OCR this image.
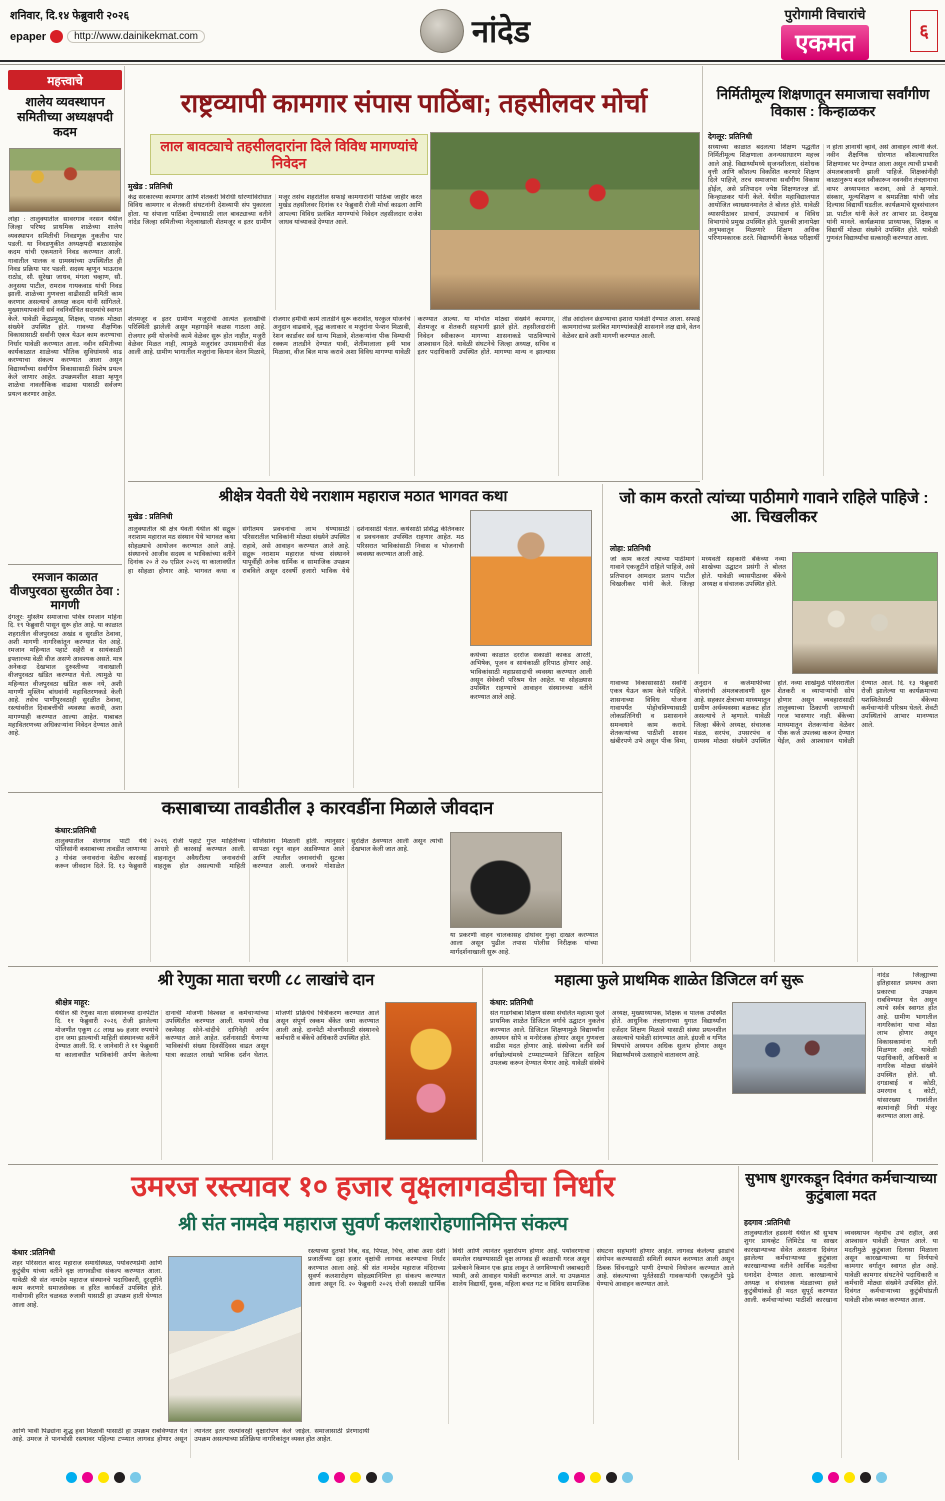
शनिवार, दि.१४ फेब्रुवारी २०२६
epaper	http://www.dainikekmat.com	नांदेड	पुरोगामी विचारांचे
एकमत	६
महत्त्वाचे
शालेय व्यवस्थापन समितीच्या अध्यक्षपदी कदम
लोहा : तालुक्यातील सावरगाव नरसन येथील जिल्हा परिषद प्राथमिक शाळेच्या शालेय व्यवस्थापन समितीची निवडणूक नुकतीच पार पडली. या निवडणुकीत अध्यक्षपदी बाळासाहेब कदम यांची एकमताने निवड करण्यात आली. गावातील पालक व ग्रामस्थांच्या उपस्थितीत ही निवड प्रक्रिया पार पडली. सदस्य म्हणून भाऊराव राठोड, सौ. सुरेखा जाधव, मंगला चव्हाण, सौ. अनुसया पाटील, रामराव गायकवाड यांची निवड झाली. शाळेच्या गुणवत्ता वाढीसाठी समिती काम करणार असल्याचे अध्यक्ष कदम यांनी सांगितले. मुख्याध्यापकांनी सर्व नवनिर्वाचित सदस्यांचे स्वागत केले. यावेळी केंद्रप्रमुख, शिक्षक, पालक मोठ्या संख्येने उपस्थित होते. गावच्या शैक्षणिक विकासासाठी सर्वांनी एकत्र येऊन काम करण्याचा निर्धार यावेळी करण्यात आला. नवीन समितीच्या कार्यकाळात शाळेच्या भौतिक सुविधांमध्ये वाढ करण्याचा संकल्प करण्यात आला असून विद्यार्थ्यांच्या सर्वांगीण विकासासाठी विशेष प्रयत्न केले जाणार आहेत. उपक्रमशील शाळा म्हणून शाळेचा नावलौकिक वाढावा यासाठी सर्वजण प्रयत्न करणार आहेत.
रमजान काळात वीजपुरवठा सुरळीत ठेवा : मागणी
देगलूर: मुस्लिम समाजाचा पवित्र रमजान महिना दि. १९ फेब्रुवारी पासून सुरू होत आहे. या काळात शहरातील वीजपुरवठा अखंड व सुरळीत ठेवावा, अशी मागणी नागरिकांतून करण्यात येत आहे. रमजान महिन्यात पहाटे सहेरी व सायंकाळी इफ्तारच्या वेळी वीज असणे आवश्यक असते. मात्र अनेकदा देखभाल दुरुस्तीच्या नावाखाली वीजपुरवठा खंडित करण्यात येतो. त्यामुळे या महिन्यात वीजपुरवठा खंडित करू नये, अशी मागणी मुस्लिम बांधवांनी महावितरणकडे केली आहे. तसेच पाणीपुरवठाही सुरळीत ठेवावा, रस्त्यांवरील दिवाबत्तीची व्यवस्था करावी, अशा मागण्याही करण्यात आल्या आहेत. याबाबत महावितरणच्या अधिकाऱ्यांना निवेदन देण्यात आले आहे.
राष्ट्रव्यापी कामगार संपास पाठिंबा; तहसीलवर मोर्चा
लाल बावट्याचे तहसीलदारांना दिले विविध मागण्यांचे निवेदन
मुखेड : प्रतिनिधी
केंद्र सरकारच्या कामगार आणि शेतकरी विरोधी धोरणांविरोधात विविध कामगार व शेतकरी संघटनांनी देशव्यापी संप पुकारला होता. या संपाला पाठिंबा देण्यासाठी लाल बावट्याच्या वतीने नांदेड जिल्हा समितीच्या नेतृत्वाखाली शेतमजूर व इतर ग्रामीण मजूर तसेच शहरांतील सफाई कामगारांनी पाठिंबा जाहीर करत मुखेड तहसीलवर दिनांक १२ फेब्रुवारी रोजी मोर्चा काढला आणि आपल्या विविध प्रलंबित मागण्यांचे निवेदन तहसीलदार राजेश जाधव यांच्याकडे देण्यात आले.
शेतमजूर व इतर ग्रामीण मजुरांची आत्यंत हलाखीची परिस्थिती झालेली असून महागाईने कळस गाठला आहे. रोजगार हमी योजनेची कामे वेळेवर सुरू होत नाहीत, मजुरी वेळेवर मिळत नाही, त्यामुळे मजुरांवर उपासमारीची वेळ आली आहे. ग्रामीण भागातील मजुरांना किमान वेतन मिळावे, रोजगार हमीची कामे तातडीने सुरू करावीत, घरकुल योजनेचे अनुदान वाढवावे, वृद्ध कलाकार व मजुरांना पेन्शन मिळावी, रेशन कार्डावर सर्व धान्य मिळावे, शेतकऱ्यांना पीक विम्याची रक्कम तातडीने देण्यात यावी, शेतीमालाला हमी भाव मिळावा, वीज बिल माफ करावे अशा विविध मागण्या यावेळी करण्यात आल्या. या मोर्चात मोठ्या संख्येने कामगार, शेतमजूर व शेतकरी सहभागी झाले होते. तहसीलदारांनी निवेदन स्वीकारून मागण्या शासनाकडे पाठविण्याचे आश्वासन दिले. यावेळी संघटनेचे जिल्हा अध्यक्ष, सचिव व इतर पदाधिकारी उपस्थित होते. मागण्या मान्य न झाल्यास तीव्र आंदोलन छेडण्याचा इशारा यावेळी देण्यात आला. सफाई कामगारांच्या प्रलंबित मागण्यांकडेही शासनाने लक्ष द्यावे, वेतन वेळेवर द्यावे अशी मागणी करण्यात आली.
निर्मितीमूल्य शिक्षणातून समाजाचा सर्वांगीण विकास : किन्हाळकर
देगलूर: प्रतिनिधी
सध्याच्या काळात बदलत्या शिक्षण पद्धतीत निर्मितीमूल्य शिक्षणाला अनन्यसाधारण महत्त्व आले आहे. विद्यार्थ्यांमध्ये सृजनशीलता, संशोधक वृत्ती आणि कौशल्य विकसित करणारे शिक्षण दिले पाहिजे, तरच समाजाचा सर्वांगीण विकास होईल, असे प्रतिपादन ज्येष्ठ शिक्षणतज्ज्ञ डॉ. किन्हाळकर यांनी केले. येथील महाविद्यालयात आयोजित व्याख्यानमालेत ते बोलत होते. यावेळी व्यासपीठावर प्राचार्य, उपप्राचार्य व विविध विभागांचे प्रमुख उपस्थित होते. पुस्तकी ज्ञानापेक्षा अनुभवातून मिळणारे शिक्षण अधिक परिणामकारक ठरते. विद्यार्थ्यांनी केवळ परीक्षार्थी न होता ज्ञानार्थी व्हावे, असे आवाहन त्यांनी केले. नवीन शैक्षणिक धोरणात कौशल्याधारित शिक्षणावर भर देण्यात आला असून त्याची प्रभावी अंमलबजावणी झाली पाहिजे. शिक्षकांनीही काळानुरूप बदल स्वीकारून नवनवीन तंत्रज्ञानाचा वापर अध्यापनात करावा, असे ते म्हणाले. संस्कार, मूल्यशिक्षण व श्रमप्रतिष्ठा यांची जोड दिल्यास विद्यार्थी घडतील. कार्यक्रमाचे सूत्रसंचालन प्रा. पाटील यांनी केले तर आभार प्रा. देशमुख यांनी मानले. कार्यक्रमास प्राध्यापक, शिक्षक व विद्यार्थी मोठ्या संख्येने उपस्थित होते. यावेळी गुणवंत विद्यार्थ्यांचा सत्कारही करण्यात आला.
श्रीक्षेत्र येवती येथे नराशाम महाराज मठात भागवत कथा
मुखेड : प्रतिनिधी
तालुक्यातील श्री क्षेत्र येवती येथील श्री सद्गुरू नराशाम महाराज मठ संस्थान येथे भागवत कथा सोहळ्याचे आयोजन करण्यात आले आहे. संस्थानचे आजीव सदस्य व भाविकांच्या वतीने दिनांक २० ते २७ एप्रिल २०२६ या कालावधीत हा सोहळा होणार आहे. भागवत कथा व संगीतमय प्रवचनांचा लाभ घेण्यासाठी परिसरातील भाविकांनी मोठ्या संख्येने उपस्थित राहावे, असे आवाहन करण्यात आले आहे. सद्गुरू नराशाम महाराज यांच्या संस्थानने यापूर्वीही अनेक धार्मिक व सामाजिक उपक्रम राबविले असून दरवर्षी हजारो भाविक येथे दर्शनासाठी येतात. कथेसाठी प्रसिद्ध कीर्तनकार व प्रवचनकार उपस्थित राहणार आहेत. मठ परिसरात भाविकांसाठी निवास व भोजनाची व्यवस्था करण्यात आली आहे.
कथेच्या काळात दररोज सकाळी काकड आरती, अभिषेक, पूजन व सायंकाळी हरिपाठ होणार आहे. भाविकांसाठी महाप्रसादाची व्यवस्था करण्यात आली असून सेवेकरी परिश्रम घेत आहेत. या सोहळ्यास उपस्थित राहण्याचे आवाहन संस्थानच्या वतीने करण्यात आले आहे.
जो काम करतो त्यांच्या पाठीमागे गावाने राहिले पाहिजे : आ. चिखलीकर
लोहा: प्रतिनिधी
जो काम करतो त्याच्या पाठीमागे गावाने एकजुटीने राहिले पाहिजे, असे प्रतिपादन आमदार प्रताप पाटील चिखलीकर यांनी केले. जिल्हा मध्यवर्ती सहकारी बँकेच्या नव्या शाखेच्या उद्घाटन प्रसंगी ते बोलत होते. यावेळी व्यासपीठावर बँकेचे अध्यक्ष व संचालक उपस्थित होते.
गावाच्या विकासासाठी सर्वांनी एकत्र येऊन काम केले पाहिजे. शासनाच्या विविध योजना गावापर्यंत पोहोचविण्यासाठी लोकप्रतिनिधी व प्रशासनाने समन्वयाने काम करावे. शेतकऱ्यांच्या पाठीशी शासन खंबीरपणे उभे असून पीक विमा, अनुदान व कर्जमाफीच्या योजनांची अंमलबजावणी सुरू आहे. सहकार क्षेत्राच्या माध्यमातून ग्रामीण अर्थव्यवस्था बळकट होत असल्याचे ते म्हणाले. यावेळी जिल्हा बँकेचे अध्यक्ष, संचालक मंडळ, सरपंच, उपसरपंच व ग्रामस्थ मोठ्या संख्येने उपस्थित होते. नव्या शाखेमुळे परिसरातील शेतकरी व व्यापाऱ्यांची सोय होणार असून व्यवहारासाठी तालुक्याच्या ठिकाणी जाण्याची गरज भासणार नाही. बँकेच्या माध्यमातून शेतकऱ्यांना वेळेवर पीक कर्ज उपलब्ध करून देण्यात येईल, असे आश्वासन यावेळी देण्यात आले. दि. १३ फेब्रुवारी रोजी झालेल्या या कार्यक्रमाच्या यशस्वितेसाठी बँकेच्या कर्मचाऱ्यांनी परिश्रम घेतले. शेवटी उपस्थितांचे आभार मानण्यात आले.
कसाबाच्या तावडीतील ३ कारवडींना मिळाले जीवदान
कंधार:प्रतिनिधी
तालुक्यातील शेलगाव पाटी येथे पोलिसांनी कसाबाच्या तावडीत जाणाऱ्या ३ गोवंश जनावरांना वेळीच कारवाई करून जीवदान दिले. दि. १३ फेब्रुवारी २०२६ रोजी पहाटे गुप्त माहितीच्या आधारे ही कारवाई करण्यात आली. वाहनातून अवैधरीत्या जनावरांची वाहतूक होत असल्याची माहिती पोलिसांना मिळाली होती. त्यानुसार सापळा रचून वाहन अडविण्यात आले आणि त्यातील जनावरांची सुटका करण्यात आली. जनावरे गोशाळेत सुरक्षित ठेवण्यात आली असून त्यांची देखभाल केली जात आहे.
या प्रकरणी वाहन चालकासह दोघांवर गुन्हा दाखल करण्यात आला असून पुढील तपास पोलीस निरीक्षक यांच्या मार्गदर्शनाखाली सुरू आहे.
श्री रेणुका माता चरणी ८८ लाखांचे दान
श्रीक्षेत्र माहूर:
येथील श्री रेणुका माता संस्थानच्या दानपेटीत दि. ११ फेब्रुवारी २०२६ रोजी झालेल्या मोजणीत एकूण ८८ लाख ७७ हजार रुपयांचे दान जमा झाल्याची माहिती संस्थानच्या वतीने देण्यात आली. दि. १ जानेवारी ते ११ फेब्रुवारी या कालावधीत भाविकांनी अर्पण केलेल्या दानाची मोजणी विश्वस्त व कर्मचाऱ्यांच्या उपस्थितीत करण्यात आली. यामध्ये रोख रकमेसह सोने-चांदीचे दागिनेही अर्पण करण्यात आले आहेत. दर्शनासाठी येणाऱ्या भाविकांची संख्या दिवसेंदिवस वाढत असून यात्रा काळात लाखो भाविक दर्शन घेतात. मोजणी प्रक्रियेचे चित्रीकरण करण्यात आले असून संपूर्ण रक्कम बँकेत जमा करण्यात आली आहे. दानपेटी मोजणीसाठी संस्थानचे कर्मचारी व बँकेचे अधिकारी उपस्थित होते.
महात्मा फुले प्राथमिक शाळेत डिजिटल वर्ग सुरू
कंधार: प्रतिनिधी
संत गाडगेबाबा शिक्षण संस्था संचलित महात्मा फुले प्राथमिक शाळेत डिजिटल वर्गाचे उद्घाटन नुकतेच करण्यात आले. डिजिटल शिक्षणामुळे विद्यार्थ्यांना अध्ययन सोपे व मनोरंजक होणार असून गुणवत्ता वाढीस मदत होणार आहे. संस्थेच्या वतीने सर्व वर्गखोल्यांमध्ये टप्प्याटप्प्याने डिजिटल साहित्य उपलब्ध करून देण्यात येणार आहे. यावेळी संस्थेचे अध्यक्ष, मुख्याध्यापक, शिक्षक व पालक उपस्थित होते. आधुनिक तंत्रज्ञानाच्या युगात विद्यार्थ्यांना दर्जेदार शिक्षण मिळावे यासाठी संस्था प्रयत्नशील असल्याचे यावेळी सांगण्यात आले. इंग्रजी व गणित विषयांचे अध्ययन अधिक सुलभ होणार असून विद्यार्थ्यांमध्ये उत्साहाचे वातावरण आहे.
नांदेड जिल्ह्याच्या इतिहासात प्रथमच अशा प्रकारचा उपक्रम राबविण्यात येत असून त्याचे सर्वत्र स्वागत होत आहे. ग्रामीण भागातील नागरिकांना याचा मोठा लाभ होणार असून विकासकामांना गती मिळणार आहे. यावेळी पदाधिकारी, अधिकारी व नागरिक मोठ्या संख्येने उपस्थित होते. सौ. दगडाबाई व कोठी, उमरगाव ६ कोटी, यांसारख्या गावांतील कामांनाही निधी मंजूर करण्यात आला आहे.
उमरज रस्त्यावर १० हजार वृक्षलागवडीचा निर्धार
श्री संत नामदेव महाराज सुवर्ण कलशारोहणानिमित्त संकल्प
कंधार :प्रतिनिधी
शहर परिसरात बारद महाराज समाधीस्थळ, पर्यावरणप्रेमी आणि कुटुंबीय यांच्या वतीने वृक्ष लागवडीचा संकल्प करण्यात आला. यावेळी श्री संत नामदेव महाराज संस्थानचे पदाधिकारी, दूरदृष्टीने काम करणारे समाजसेवक व हरित कार्यकर्ते उपस्थित होते. गावोगावी हरित चळवळ रुजावी यासाठी हा उपक्रम हाती घेण्यात आला आहे.
रस्त्याच्या दुतर्फा निंब, वड, पिंपळ, चिंच, आंबा अशा देशी प्रजातींच्या दहा हजार वृक्षांची लागवड करण्याचा निर्धार करण्यात आला आहे. श्री संत नामदेव महाराज मंदिराच्या सुवर्ण कलशारोहण सोहळ्यानिमित्त हा संकल्प करण्यात आला असून दि. २० फेब्रुवारी २०२६ रोजी सकाळी धार्मिक विधी आणि त्यानंतर वृक्षारोपण होणार आहे. पर्यावरणाचा समतोल राखण्यासाठी वृक्ष लागवड ही काळाची गरज असून प्रत्येकाने किमान एक झाड लावून ते जगविण्याची जबाबदारी घ्यावी, असे आवाहन यावेळी करण्यात आले. या उपक्रमात शालेय विद्यार्थी, युवक, महिला बचत गट व विविध सामाजिक संघटना सहभागी होणार आहेत. लागवड केलेल्या झाडांचे संगोपन करण्यासाठी समिती स्थापन करण्यात आली असून ठिबक सिंचनाद्वारे पाणी देण्याचे नियोजन करण्यात आले आहे. संकल्पाच्या पूर्ततेसाठी गावकऱ्यांनी एकजुटीने पुढे येण्याचे आवाहन करण्यात आले.
आणि भावी पिढ्यांना शुद्ध हवा मिळावी यासाठी हा उपक्रम राबविण्यात येत आहे. उमरज ते पानभोसी रस्त्यावर पहिल्या टप्प्यात लागवड होणार असून त्यानंतर इतर रस्त्यांवरही वृक्षारोपण केले जाईल. समाजासाठी प्रेरणादायी उपक्रम असल्याच्या प्रतिक्रिया नागरिकांतून व्यक्त होत आहेत.
सुभाष शुगरकडून दिवंगत कर्मचाऱ्याच्या कुटुंबाला मदत
हदगाव :प्रतिनिधी
तालुक्यातील हडसनी येथील श्री सुभाष शुगर प्रायव्हेट लिमिटेड या साखर कारखान्याच्या सेवेत असताना दिवंगत झालेल्या कर्मचाऱ्याच्या कुटुंबाला कारखान्याच्या वतीने आर्थिक मदतीचा धनादेश देण्यात आला. कारखान्याचे अध्यक्ष व संचालक मंडळाच्या हस्ते कुटुंबीयांकडे ही मदत सुपूर्द करण्यात आली. कर्मचाऱ्यांच्या पाठीशी कारखाना व्यवस्थापन नेहमीच उभे राहील, असे आश्वासन यावेळी देण्यात आले. या मदतीमुळे कुटुंबाला दिलासा मिळाला असून कारखान्याच्या या निर्णयाचे कामगार वर्गातून स्वागत होत आहे. यावेळी कामगार संघटनेचे पदाधिकारी व कर्मचारी मोठ्या संख्येने उपस्थित होते. दिवंगत कर्मचाऱ्याच्या कुटुंबीयांप्रती यावेळी शोक व्यक्त करण्यात आला.
